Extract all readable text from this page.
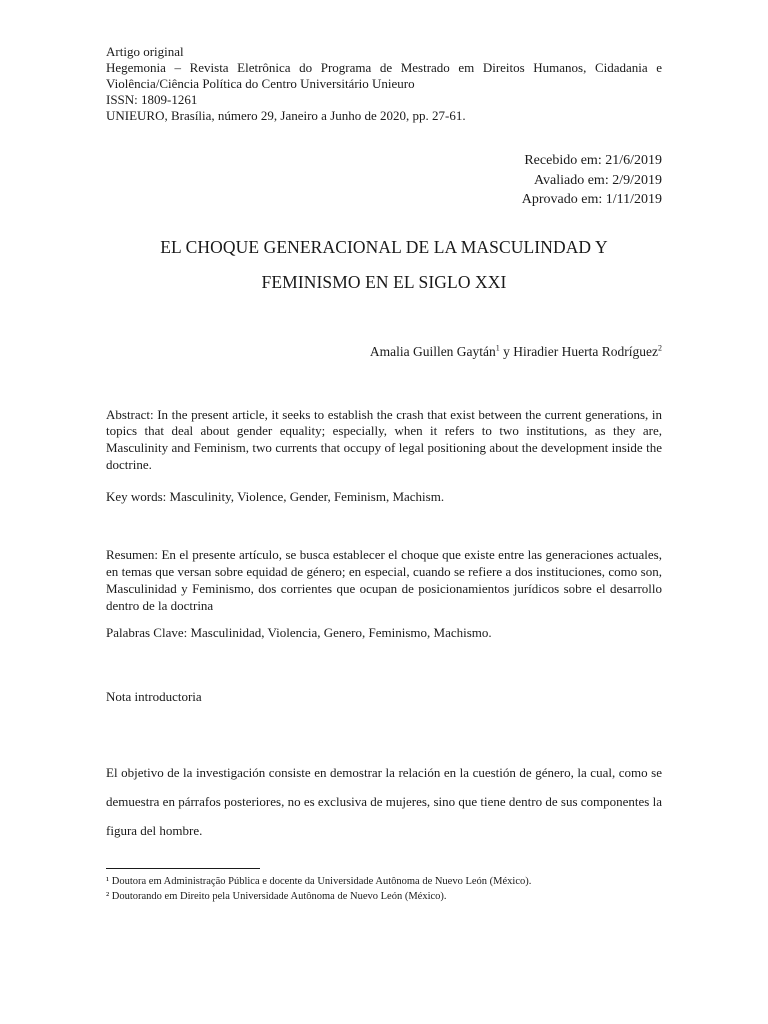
Artigo original

Hegemonia – Revista Eletrônica do Programa de Mestrado em Direitos Humanos, Cidadania e Violência/Ciência Política do Centro Universitário Unieuro

ISSN: 1809-1261

UNIEURO, Brasília, número 29, Janeiro a Junho de 2020, pp. 27-61.

Recebido em: 21/6/2019
Avaliado em: 2/9/2019
Aprovado em: 1/11/2019
EL CHOQUE GENERACIONAL DE LA MASCULINDAD Y
FEMINISMO EN EL SIGLO XXI
Amalia Guillen Gaytán$^1$ y Hiradier Huerta Rodríguez$^2$
Abstract: In the present article, it seeks to establish the crash that exist between the current generations, in topics that deal about gender equality; especially, when it refers to two institutions, as they are, Masculinity and Feminism, two currents that occupy of legal positioning about the development inside the doctrine.
Key words: Masculinity, Violence, Gender, Feminism, Machism.
Resumen: En el presente artículo, se busca establecer el choque que existe entre las generaciones actuales, en temas que versan sobre equidad de género; en especial, cuando se refiere a dos instituciones, como son, Masculinidad y Feminismo, dos corrientes que ocupan de posicionamientos jurídicos sobre el desarrollo dentro de la doctrina
Palabras Clave: Masculinidad, Violencia, Genero, Feminismo, Machismo.
Nota introductoria
El objetivo de la investigación consiste en demostrar la relación en la cuestión de género, la cual, como se demuestra en párrafos posteriores, no es exclusiva de mujeres, sino que tiene dentro de sus componentes la figura del hombre.
¹ Doutora em Administração Pública e docente da Universidade Autônoma de Nuevo León (México).
² Doutorando em Direito pela Universidade Autônoma de Nuevo León (México).
